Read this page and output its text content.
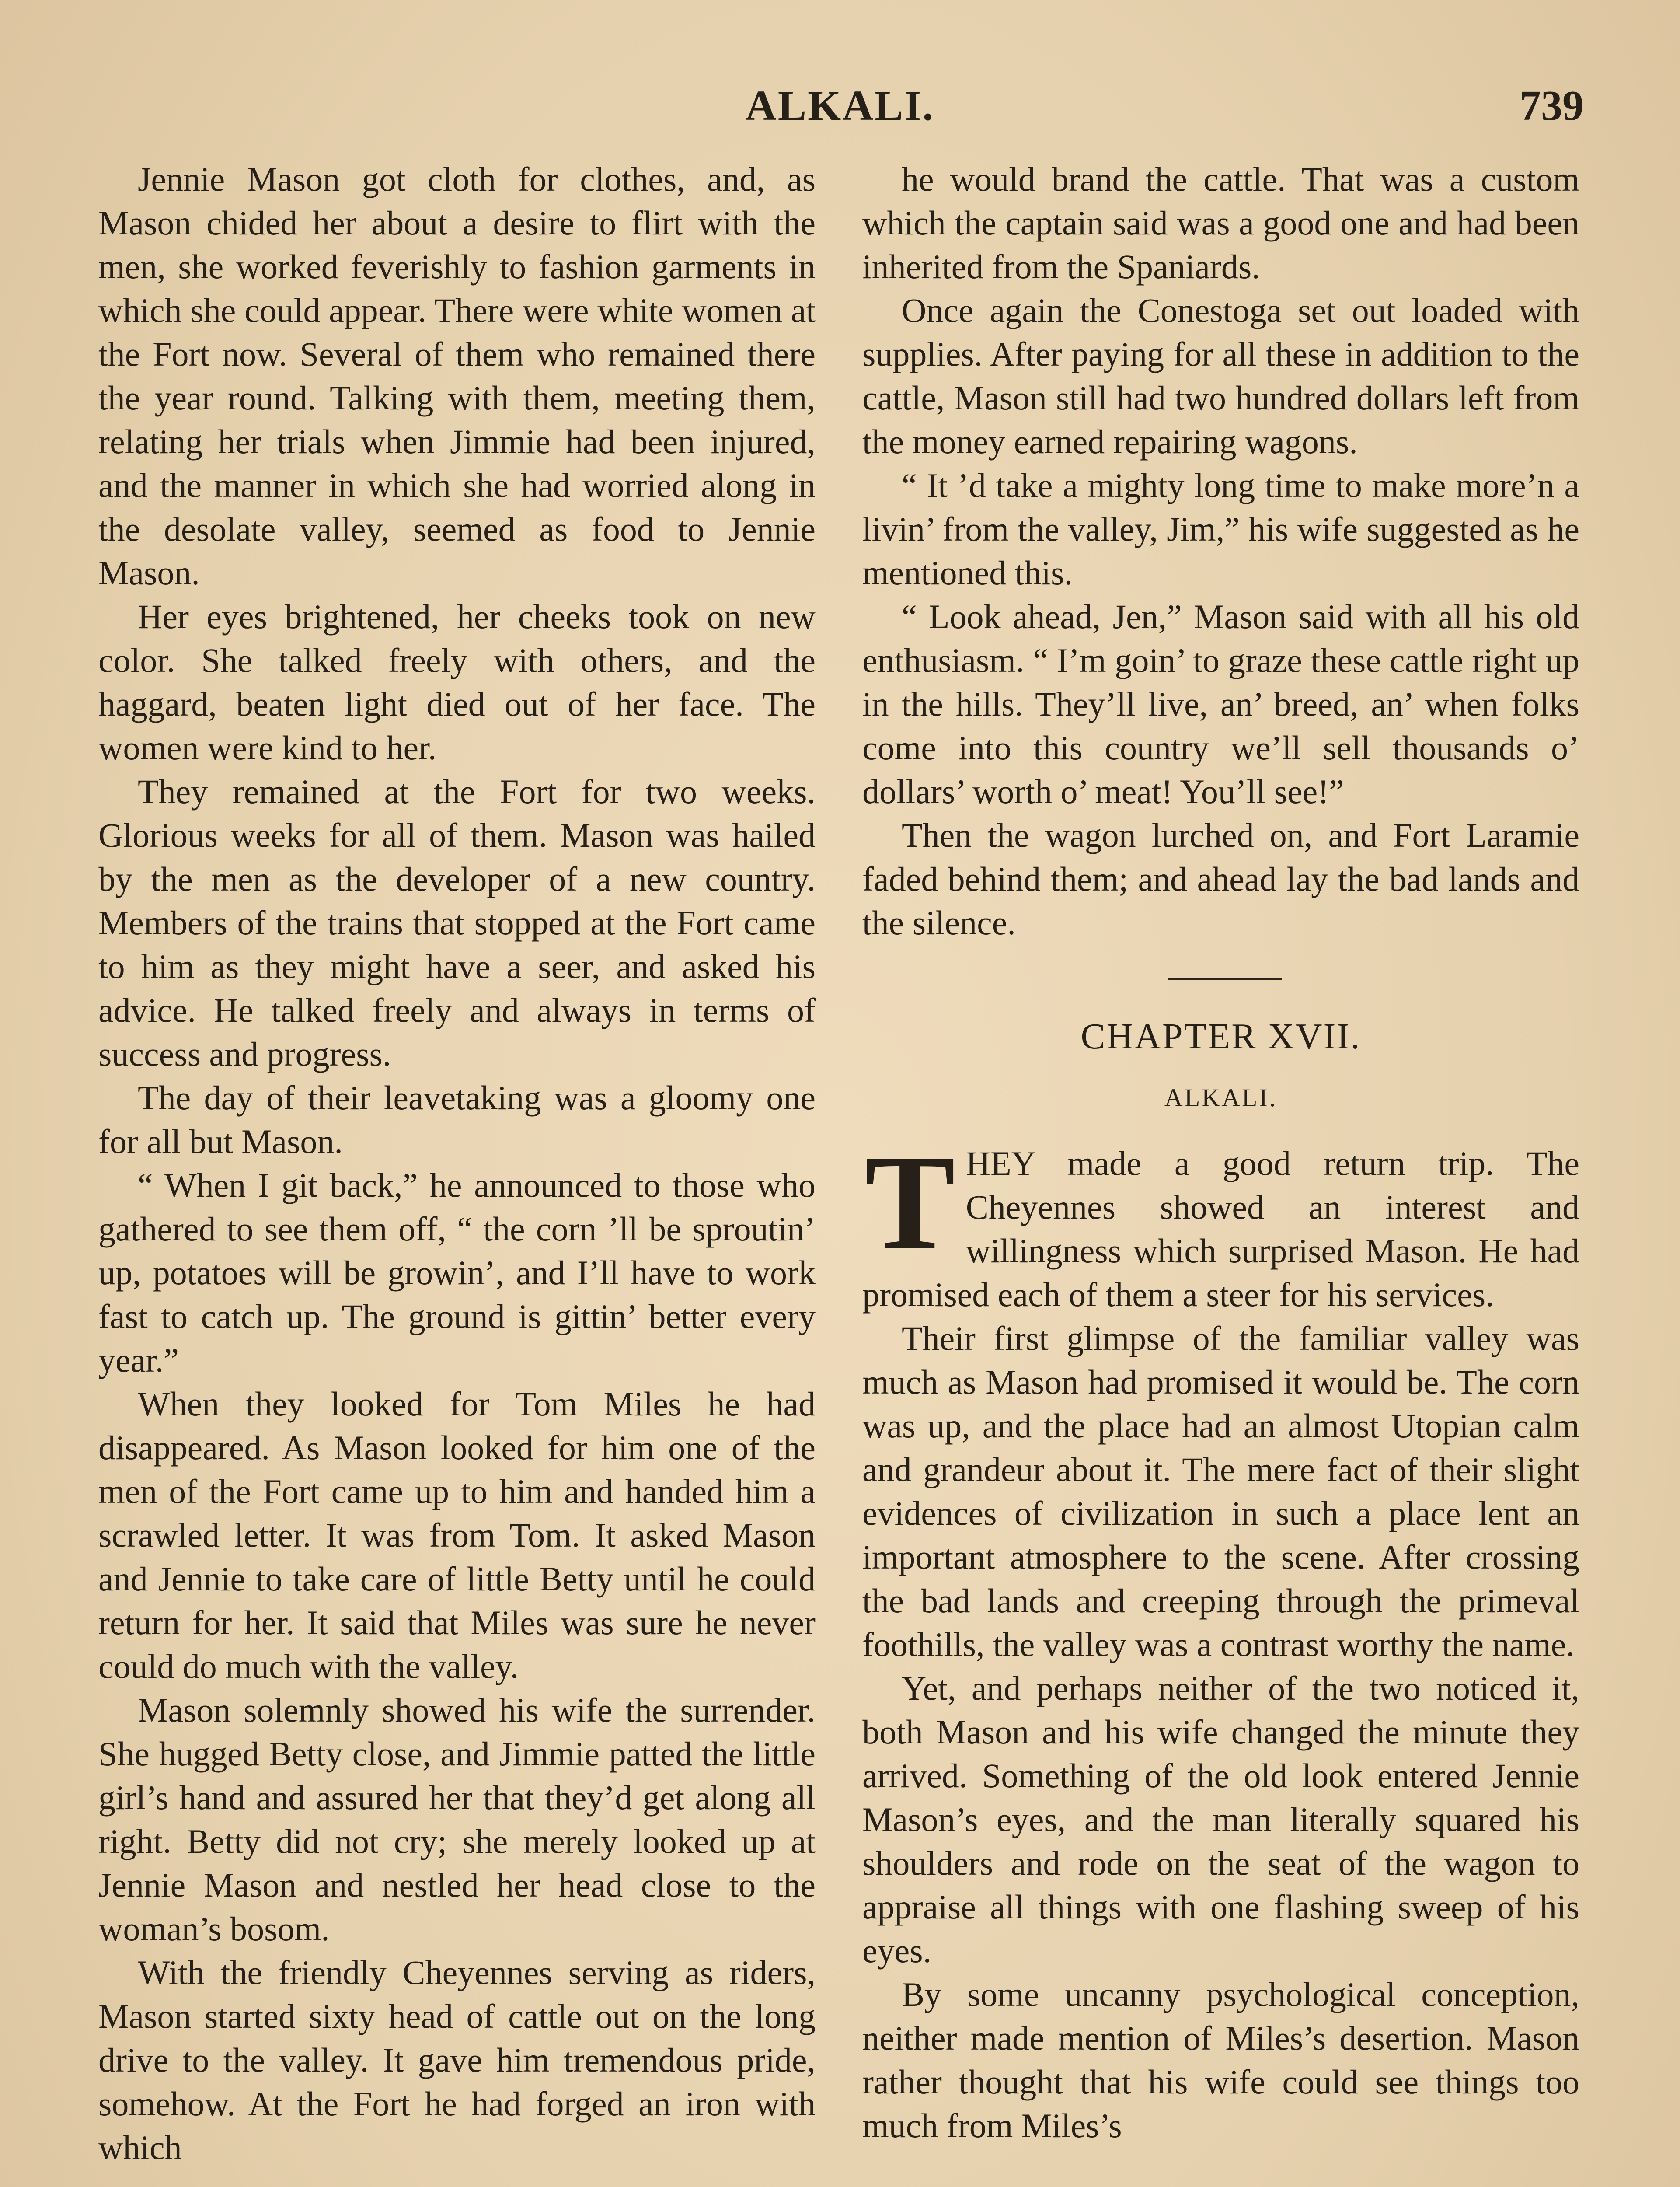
ALKALI.	739

Jennie Mason got cloth for clothes, and, as Mason chided her about a desire to flirt with the men, she worked feverishly to fashion garments in which she could appear. There were white women at the Fort now. Several of them who remained there the year round. Talking with them, meeting them, relating her trials when Jimmie had been injured, and the manner in which she had worried along in the desolate valley, seemed as food to Jennie Mason.

Her eyes brightened, her cheeks took on new color. She talked freely with others, and the haggard, beaten light died out of her face. The women were kind to her.

They remained at the Fort for two weeks. Glorious weeks for all of them. Mason was hailed by the men as the developer of a new country. Members of the trains that stopped at the Fort came to him as they might have a seer, and asked his advice. He talked freely and always in terms of success and progress.

The day of their leavetaking was a gloomy one for all but Mason.

“ When I git back,” he announced to those who gathered to see them off, “ the corn ’ll be sproutin’ up, potatoes will be growin’, and I’ll have to work fast to catch up. The ground is gittin’ better every year.”

When they looked for Tom Miles he had disappeared. As Mason looked for him one of the men of the Fort came up to him and handed him a scrawled letter. It was from Tom. It asked Mason and Jennie to take care of little Betty until he could return for her. It said that Miles was sure he never could do much with the valley.

Mason solemnly showed his wife the surrender. She hugged Betty close, and Jimmie patted the little girl’s hand and assured her that they’d get along all right. Betty did not cry; she merely looked up at Jennie Mason and nestled her head close to the woman’s bosom.

With the friendly Cheyennes serving as riders, Mason started sixty head of cattle out on the long drive to the valley. It gave him tremendous pride, somehow. At the Fort he had forged an iron with which

he would brand the cattle. That was a custom which the captain said was a good one and had been inherited from the Spaniards.

Once again the Conestoga set out loaded with supplies. After paying for all these in addition to the cattle, Mason still had two hundred dollars left from the money earned repairing wagons.

“ It ’d take a mighty long time to make more’n a livin’ from the valley, Jim,” his wife suggested as he mentioned this.

“ Look ahead, Jen,” Mason said with all his old enthusiasm. “ I’m goin’ to graze these cattle right up in the hills. They’ll live, an’ breed, an’ when folks come into this country we’ll sell thousands o’ dollars’ worth o’ meat! You’ll see!”

Then the wagon lurched on, and Fort Laramie faded behind them; and ahead lay the bad lands and the silence.

CHAPTER XVII.
ALKALI.

THEY made a good return trip. The Cheyennes showed an interest and willingness which surprised Mason. He had promised each of them a steer for his services.

Their first glimpse of the familiar valley was much as Mason had promised it would be. The corn was up, and the place had an almost Utopian calm and grandeur about it. The mere fact of their slight evidences of civilization in such a place lent an important atmosphere to the scene. After crossing the bad lands and creeping through the primeval foothills, the valley was a contrast worthy the name.

Yet, and perhaps neither of the two noticed it, both Mason and his wife changed the minute they arrived. Something of the old look entered Jennie Mason’s eyes, and the man literally squared his shoulders and rode on the seat of the wagon to appraise all things with one flashing sweep of his eyes.

By some uncanny psychological conception, neither made mention of Miles’s desertion. Mason rather thought that his wife could see things too much from Miles’s
